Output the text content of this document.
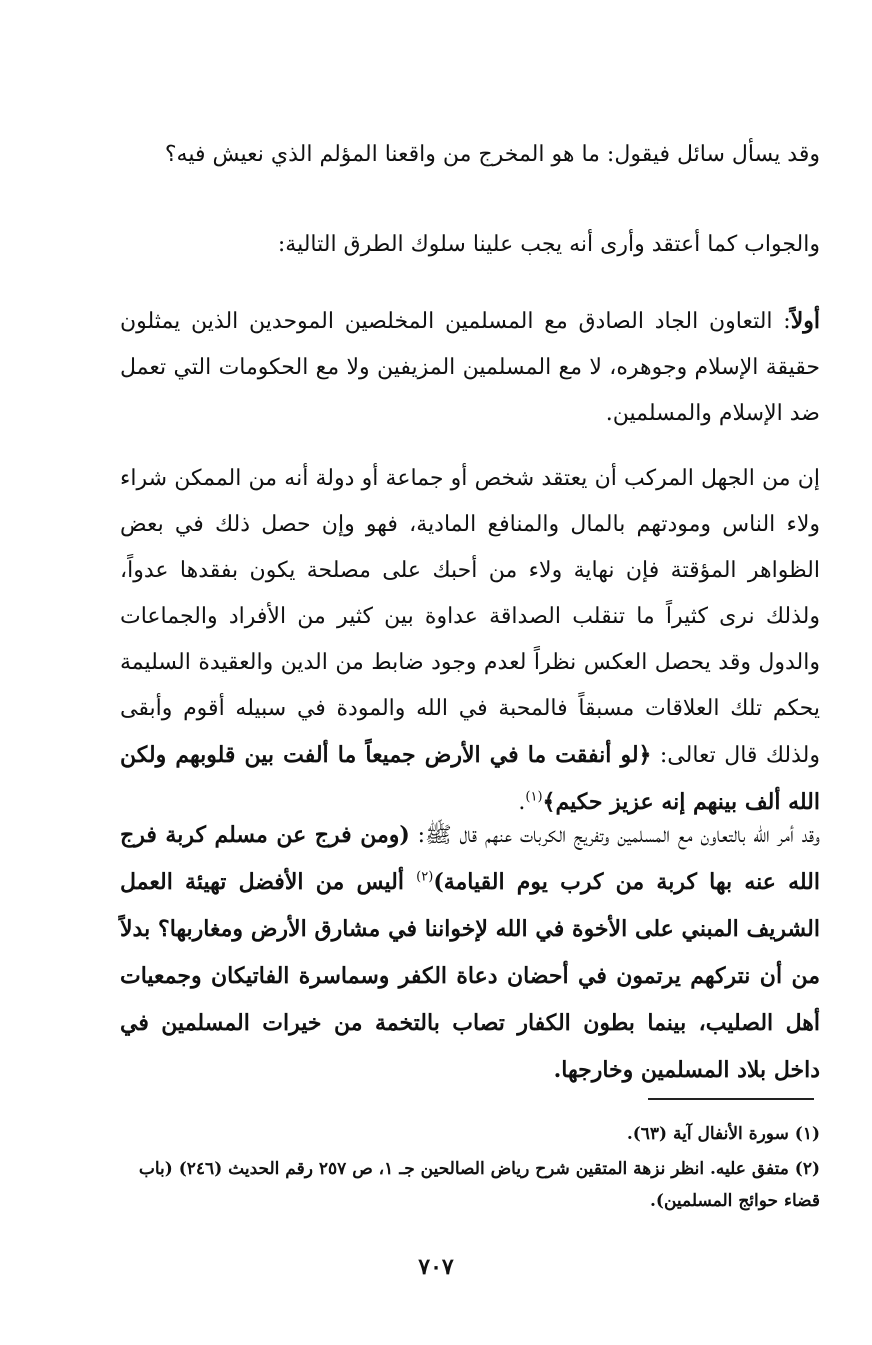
وقد يسأل سائل فيقول: ما هو المخرج من واقعنا المؤلم الذي نعيش فيه؟

والجواب كما أعتقد وأرى أنه يجب علينا سلوك الطرق التالية:

أولاً: التعاون الجاد الصادق مع المسلمين المخلصين الموحدين الذين يمثلون حقيقة الإسلام وجوهره، لا مع المسلمين المزيفين ولا مع الحكومات التي تعمل ضد الإسلام والمسلمين.

إن من الجهل المركب أن يعتقد شخص أو جماعة أو دولة أنه من الممكن شراء ولاء الناس ومودتهم بالمال والمنافع المادية، فهو وإن حصل ذلك في بعض الظواهر المؤقتة فإن نهاية ولاء من أحبك على مصلحة يكون بفقدها عدواً، ولذلك نرى كثيراً ما تنقلب الصداقة عداوة بين كثير من الأفراد والجماعات والدول وقد يحصل العكس نظراً لعدم وجود ضابط من الدين والعقيدة السليمة يحكم تلك العلاقات مسبقاً فالمحبة في الله والمودة في سبيله أقوم وأبقى ولذلك قال تعالى: ﴿لو أنفقت ما في الأرض جميعاً ما ألفت بين قلوبهم ولكن الله ألف بينهم إنه عزيز حكيم﴾$^{(١)}$.

وقد أمر الله بالتعاون مع المسلمين وتفريج الكربات عنهم قال ﷺ: (ومن فرج عن مسلم كربة فرج الله عنه بها كربة من كرب يوم القيامة)$^{(٢)}$ أليس من الأفضل تهيئة العمل الشريف المبني على الأخوة في الله لإخواننا في مشارق الأرض ومغاربها؟ بدلاً من أن نتركهم يرتمون في أحضان دعاة الكفر وسماسرة الفاتيكان وجمعيات أهل الصليب، بينما بطون الكفار تصاب بالتخمة من خيرات المسلمين في داخل بلاد المسلمين وخارجها.

(١) سورة الأنفال آية (٦٣).

(٢) متفق عليه. انظر نزهة المتقين شرح رياض الصالحين جـ ١، ص ٢٥٧ رقم الحديث (٢٤٦) (باب قضاء حوائج المسلمين).

٧٠٧
